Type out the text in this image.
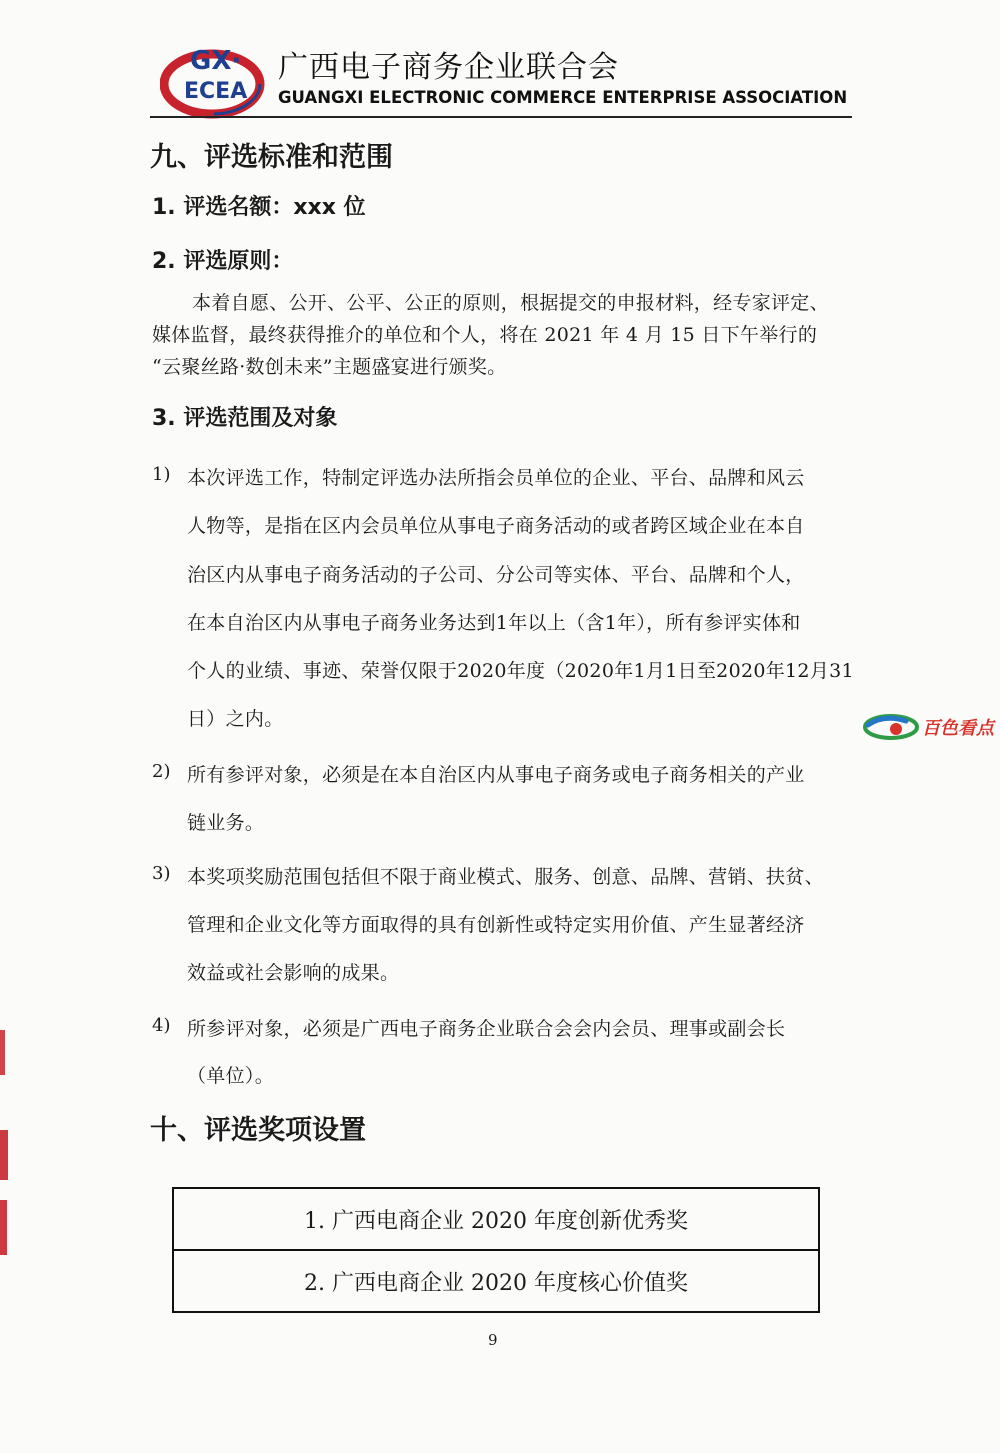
GX·
ECEA
广西电子商务企业联合会
GUANGXI ELECTRONIC COMMERCE ENTERPRISE ASSOCIATION
九、评选标准和范围
1. 评选名额：xxx 位
2. 评选原则：
本着自愿、公开、公平、公正的原则，根据提交的申报材料，经专家评定、
媒体监督，最终获得推介的单位和个人，将在 2021 年 4 月 15 日下午举行的
“云聚丝路·数创未来”主题盛宴进行颁奖。
3. 评选范围及对象
1) 本次评选工作，特制定评选办法所指会员单位的企业、平台、品牌和风云
人物等，是指在区内会员单位从事电子商务活动的或者跨区域企业在本自
治区内从事电子商务活动的子公司、分公司等实体、平台、品牌和个人，
在本自治区内从事电子商务业务达到1年以上（含1年），所有参评实体和
个人的业绩、事迹、荣誉仅限于2020年度（2020年1月1日至2020年12月31
日）之内。
2) 所有参评对象，必须是在本自治区内从事电子商务或电子商务相关的产业
链业务。
3) 本奖项奖励范围包括但不限于商业模式、服务、创意、品牌、营销、扶贫、
管理和企业文化等方面取得的具有创新性或特定实用价值、产生显著经济
效益或社会影响的成果。
4) 所参评对象，必须是广西电子商务企业联合会会内会员、理事或副会长
（单位）。
十、评选奖项设置
1. 广西电商企业 2020 年度创新优秀奖
2. 广西电商企业 2020 年度核心价值奖
9
百色看点
